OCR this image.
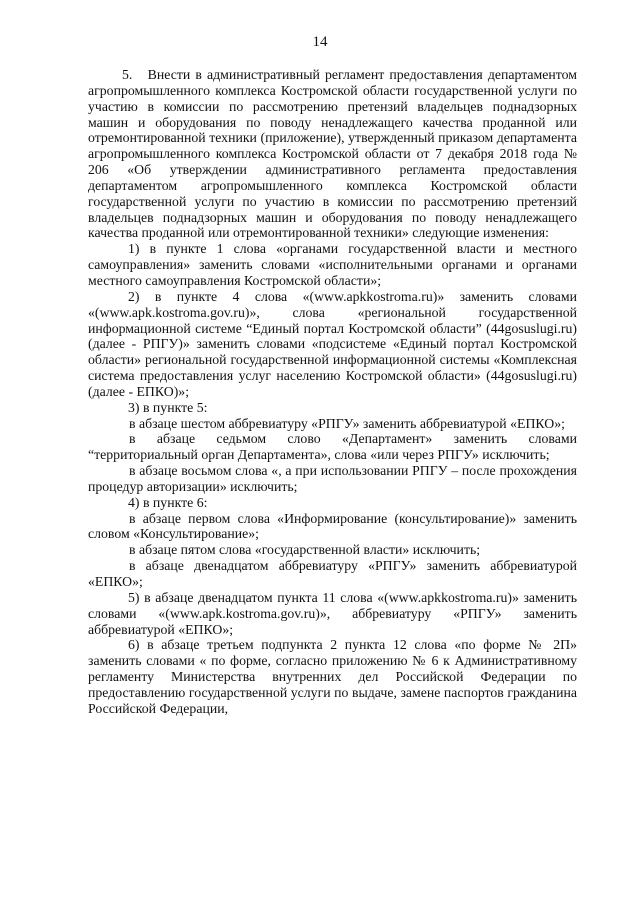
14

5.   Внести в административный регламент предоставления департаментом агропромышленного комплекса Костромской области государственной услуги по участию в комиссии по рассмотрению претензий владельцев поднадзорных машин и оборудования по поводу ненадлежащего качества проданной или отремонтированной техники (приложение), утвержденный приказом департамента агропромышленного комплекса Костромской области от 7 декабря 2018 года № 206 «Об утверждении административного регламента предоставления департаментом агропромышленного комплекса Костромской области государственной услуги по участию в комиссии по рассмотрению претензий владельцев поднадзорных машин и оборудования по поводу ненадлежащего качества проданной или отремонтированной техники» следующие изменения:

1) в пункте 1 слова «органами государственной власти и местного самоуправления» заменить словами «исполнительными органами и органами местного самоуправления Костромской области»;

2) в пункте 4 слова «(www.apkkostroma.ru)» заменить словами «(www.apk.kostroma.gov.ru)», слова «региональной государственной информационной системе “Единый портал Костромской области” (44gosuslugi.ru) (далее - РПГУ)» заменить словами «подсистеме «Единый портал Костромской области» региональной государственной информационной системы «Комплексная система предоставления услуг населению Костромской области» (44gosuslugi.ru) (далее - ЕПКО)»;

3) в пункте 5:

в абзаце шестом аббревиатуру «РПГУ» заменить аббревиатурой «ЕПКО»;

в абзаце седьмом слово «Департамент» заменить словами “территориальный орган Департамента», слова «или через РПГУ» исключить;

в абзаце восьмом слова «, а при использовании РПГУ – после прохождения процедур авторизации» исключить;

4) в пункте 6:

в абзаце первом слова «Информирование (консультирование)» заменить словом «Консультирование»;

в абзаце пятом слова «государственной власти» исключить;

в абзаце двенадцатом аббревиатуру «РПГУ» заменить аббревиатурой «ЕПКО»;

5) в абзаце двенадцатом пункта 11 слова «(www.apkkostroma.ru)» заменить словами «(www.apk.kostroma.gov.ru)», аббревиатуру «РПГУ» заменить аббревиатурой «ЕПКО»;

6) в абзаце третьем подпункта 2 пункта 12 слова «по форме № 2П» заменить словами « по форме, согласно приложению № 6 к Административному регламенту Министерства внутренних дел Российской Федерации по предоставлению государственной услуги по выдаче, замене паспортов гражданина Российской Федерации,
